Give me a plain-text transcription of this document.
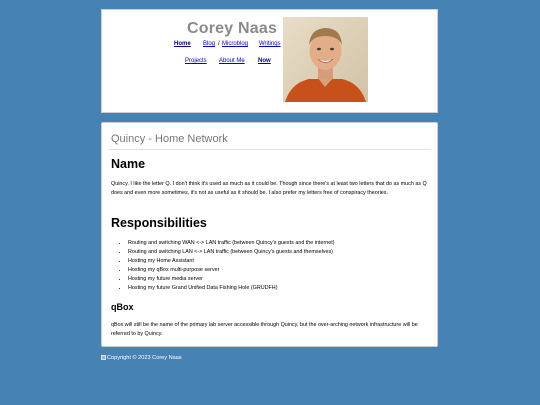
Corey Naas
Home Blog / Microblog Writings
Projects About Me Now
Quincy - Home Network
Name

Quincy. I like the letter Q. I don't think it's used as much as it could be. Though since there's at least two letters that do as much as Q does and even more sometimes, it's not as useful as it should be. I also prefer my letters free of conspiracy theories.

Responsibilities
• Routing and switching WAN <-> LAN traffic (between Quincy's guests and the internet)
• Routing and switching LAN <-> LAN traffic (between Quincy's guests and themselves)
• Hosting my Home Assistant
• Hosting my qBox multi-purpose server
• Hosting my future media server
• Hosting my future Grand Unified Data Fishing Hole (GRUDFH)
qBox

qBox will still be the name of the primary lab server accessible through Quincy, but the over-arching network infrastructure will be referred to by Quincy.

Copyright © 2023 Corey Naas
